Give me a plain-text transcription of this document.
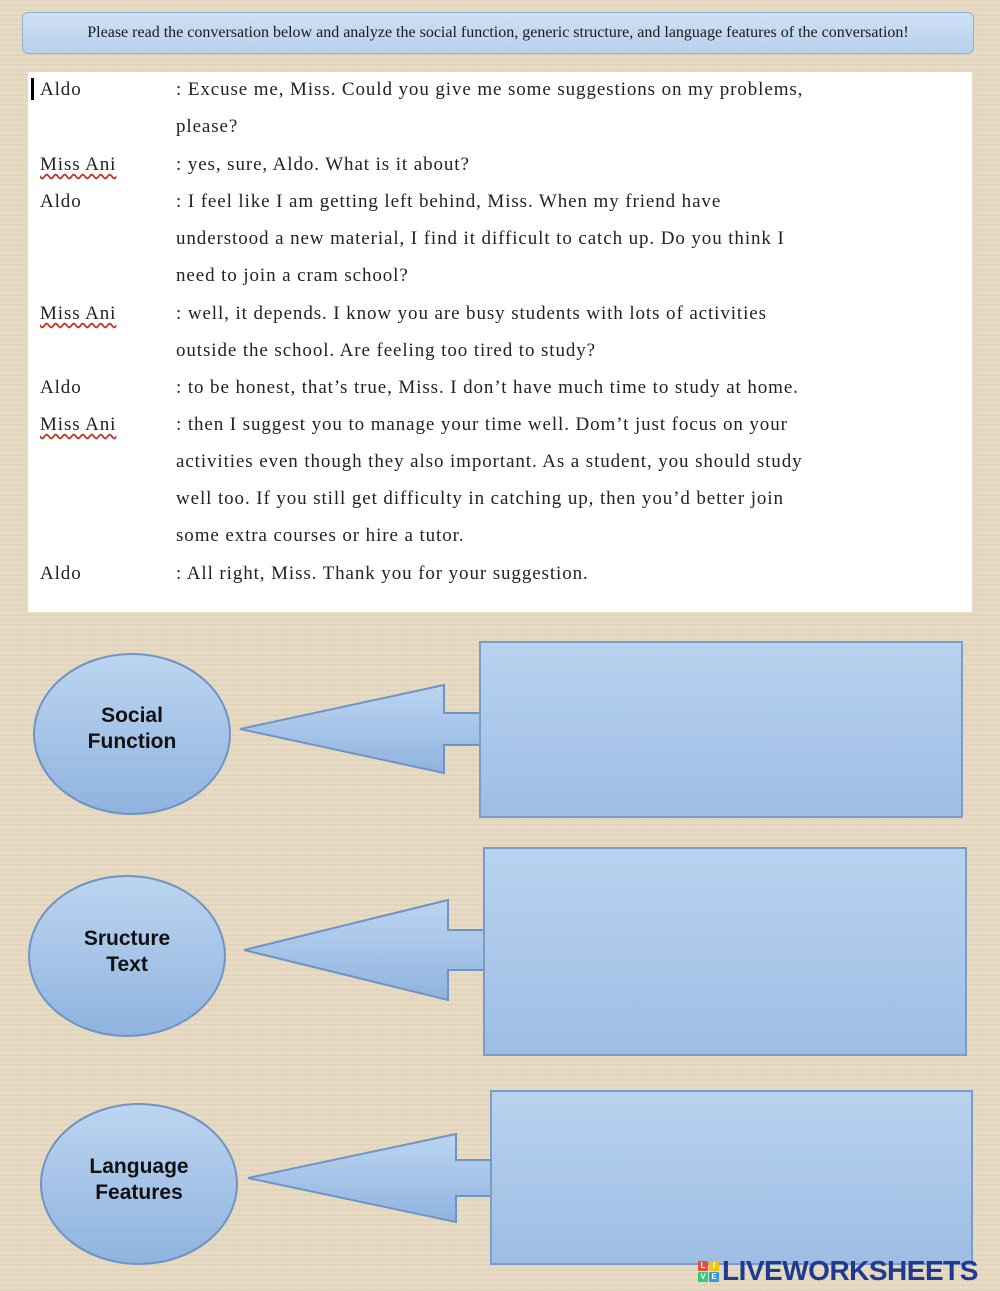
Please read the conversation below and analyze the social function, generic structure, and language features of the conversation!
Aldo	: Excuse me, Miss. Could you give me some suggestions on my problems,
please?
Miss Ani	: yes, sure, Aldo. What is it about?
Aldo	: I feel like I am getting left behind, Miss. When my friend have
understood a new material, I find it difficult to catch up. Do you think I
need to join a cram school?
Miss Ani	: well, it depends. I know you are busy students with lots of activities
outside the school. Are feeling too tired to study?
Aldo	: to be honest, that’s true, Miss. I don’t have much time to study at home.
Miss Ani	: then I suggest you to manage your time well. Dom’t just focus on your
activities even though they also important. As a student, you should study
well too. If you still get difficulty in catching up, then you’d better join
some extra courses or hire a tutor.
Aldo	: All right, Miss. Thank you for your suggestion.
Social
Function
Sructure
Text
Language
Features
L I
V E LIVEWORKSHEETS
